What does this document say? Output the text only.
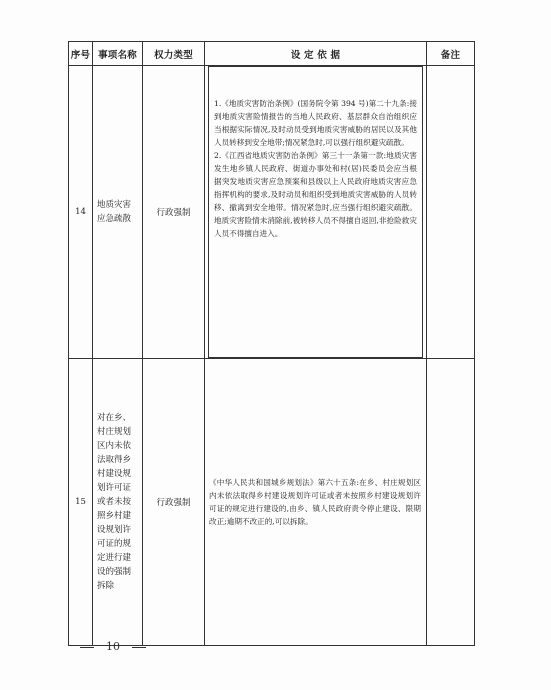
序号	事项名称	权力类型	设 定 依 据	备注
14	地质灾害应急疏散	行政强制	1.《地质灾害防治条例》(国务院令第 394 号)第二十九条:接到地质灾害险情报告的当地人民政府、基层群众自治组织应当根据实际情况,及时动员受到地质灾害威胁的居民以及其他人员转移到安全地带;情况紧急时,可以强行组织避灾疏散。

2.《江西省地质灾害防治条例》第三十一条第一款:地质灾害发生地乡镇人民政府、街道办事处和村(居)民委员会应当根据突发地质灾害应急预案和县级以上人民政府地质灾害应急指挥机构的要求,及时动员和组织受到地质灾害威胁的人员转移、撤离到安全地带。情况紧急时,应当强行组织避灾疏散。地质灾害险情未消除前,被转移人员不得擅自返回,非抢险救灾人员不得擅自进入。	

15	对在乡、村庄规划区内未依法取得乡村建设规划许可证或者未按照乡村建设规划许可证的规定进行建设的强制拆除	行政强制	《中华人民共和国城乡规划法》第六十五条:在乡、村庄规划区内未依法取得乡村建设规划许可证或者未按照乡村建设规划许可证的规定进行建设的,由乡、镇人民政府责令停止建设、限期改正;逾期不改正的,可以拆除。	

10
